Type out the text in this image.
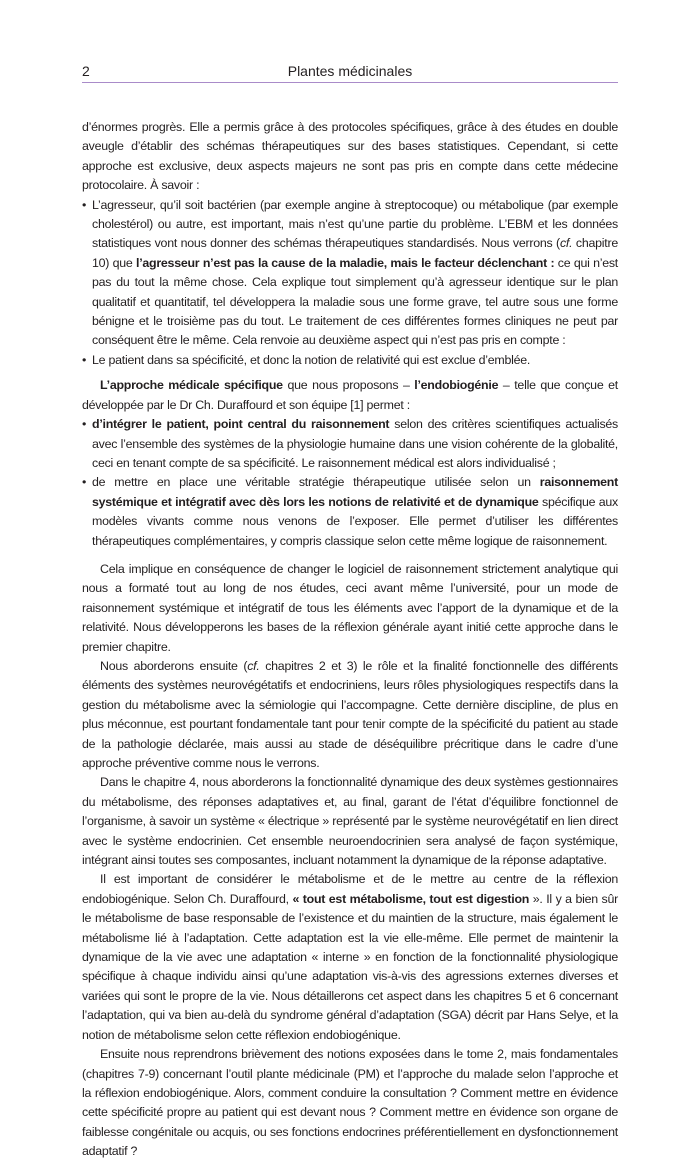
2	Plantes médicinales

d’énormes progrès. Elle a permis grâce à des protocoles spécifiques, grâce à des études en double aveugle d’établir des schémas thérapeutiques sur des bases statistiques. Cependant, si cette approche est exclusive, deux aspects majeurs ne sont pas pris en compte dans cette médecine protocolaire. À savoir :

• L’agresseur, qu’il soit bactérien (par exemple angine à streptocoque) ou métabolique (par exemple cholestérol) ou autre, est important, mais n’est qu’une partie du problème. L’EBM et les données statistiques vont nous donner des schémas thérapeutiques standardisés. Nous verrons (cf. chapitre 10) que l’agresseur n’est pas la cause de la maladie, mais le facteur déclenchant : ce qui n’est pas du tout la même chose. Cela explique tout simplement qu’à agresseur identique sur le plan qualitatif et quantitatif, tel développera la maladie sous une forme grave, tel autre sous une forme bénigne et le troisième pas du tout. Le traitement de ces différentes formes cliniques ne peut par conséquent être le même. Cela renvoie au deuxième aspect qui n’est pas pris en compte :

• Le patient dans sa spécificité, et donc la notion de relativité qui est exclue d’emblée.

L’approche médicale spécifique que nous proposons – l’endobiogénie – telle que conçue et développée par le Dr Ch. Duraffourd et son équipe [1] permet :

• d’intégrer le patient, point central du raisonnement selon des critères scientifiques actualisés avec l’ensemble des systèmes de la physiologie humaine dans une vision cohérente de la globalité, ceci en tenant compte de sa spécificité. Le raisonnement médical est alors individualisé ;

• de mettre en place une véritable stratégie thérapeutique utilisée selon un raisonnement systémique et intégratif avec dès lors les notions de relativité et de dynamique spécifique aux modèles vivants comme nous venons de l’exposer. Elle permet d’utiliser les différentes thérapeutiques complémentaires, y compris classique selon cette même logique de raisonnement.

Cela implique en conséquence de changer le logiciel de raisonnement strictement analytique qui nous a formaté tout au long de nos études, ceci avant même l’université, pour un mode de raisonnement systémique et intégratif de tous les éléments avec l’apport de la dynamique et de la relativité. Nous développerons les bases de la réflexion générale ayant initié cette approche dans le premier chapitre.

Nous aborderons ensuite (cf. chapitres 2 et 3) le rôle et la finalité fonctionnelle des différents éléments des systèmes neurovégétatifs et endocriniens, leurs rôles physiologiques respectifs dans la gestion du métabolisme avec la sémiologie qui l’accompagne. Cette dernière discipline, de plus en plus méconnue, est pourtant fondamentale tant pour tenir compte de la spécificité du patient au stade de la pathologie déclarée, mais aussi au stade de déséquilibre précritique dans le cadre d’une approche préventive comme nous le verrons.

Dans le chapitre 4, nous aborderons la fonctionnalité dynamique des deux systèmes gestionnaires du métabolisme, des réponses adaptatives et, au final, garant de l’état d’équilibre fonctionnel de l’organisme, à savoir un système « électrique » représenté par le système neurovégétatif en lien direct avec le système endocrinien. Cet ensemble neuroendocrinien sera analysé de façon systémique, intégrant ainsi toutes ses composantes, incluant notamment la dynamique de la réponse adaptative.

Il est important de considérer le métabolisme et de le mettre au centre de la réflexion endobiogénique. Selon Ch. Duraffourd, « tout est métabolisme, tout est digestion ». Il y a bien sûr le métabolisme de base responsable de l’existence et du maintien de la structure, mais également le métabolisme lié à l’adaptation. Cette adaptation est la vie elle-même. Elle permet de maintenir la dynamique de la vie avec une adaptation « interne » en fonction de la fonctionnalité physiologique spécifique à chaque individu ainsi qu’une adaptation vis-à-vis des agressions externes diverses et variées qui sont le propre de la vie. Nous détaillerons cet aspect dans les chapitres 5 et 6 concernant l’adaptation, qui va bien au-delà du syndrome général d’adaptation (SGA) décrit par Hans Selye, et la notion de métabolisme selon cette réflexion endobiogénique.

Ensuite nous reprendrons brièvement des notions exposées dans le tome 2, mais fondamentales (chapitres 7-9) concernant l’outil plante médicinale (PM) et l’approche du malade selon l’approche et la réflexion endobiogénique. Alors, comment conduire la consultation ? Comment mettre en évidence cette spécificité propre au patient qui est devant nous ? Comment mettre en évidence son organe de faiblesse congénitale ou acquis, ou ses fonctions endocrines préférentiellement en dysfonctionnement adaptatif ?
